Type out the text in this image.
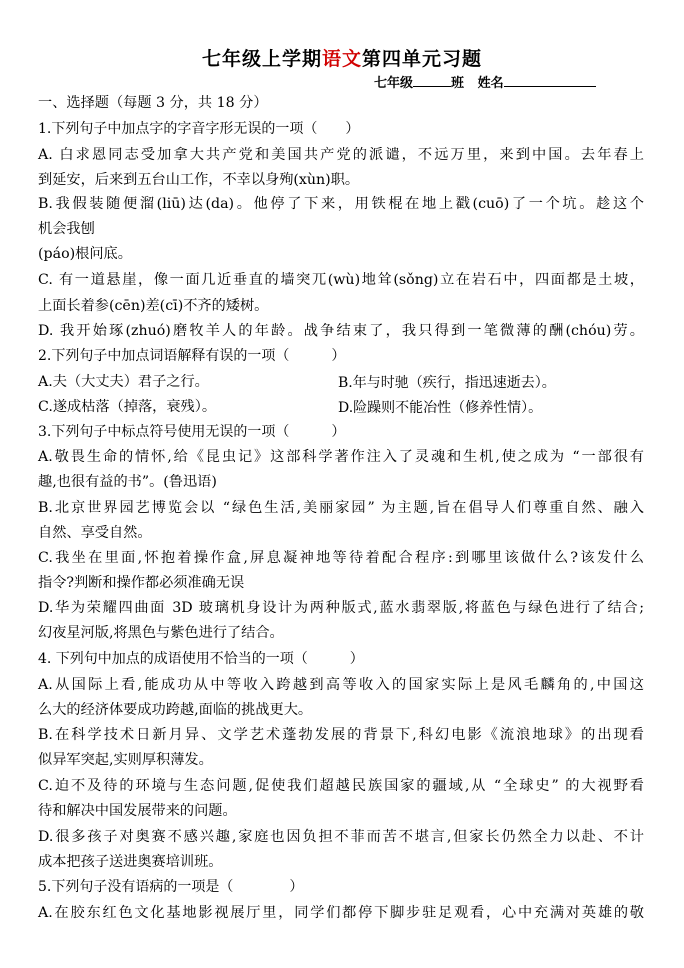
七年级上学期语文第四单元习题
七年级	班 姓名
一、选择题（每题 3 分，共 18 分）
1.下列句子中加点字的字音字形无误的一项（　　）
A. 白求恩同志受加拿大共产党和美国共产党的派谴，不远万里，来到中国。去年春上
到延安，后来到五台山工作，不幸以身殉(xùn)职。
B.我假装随便溜(liū)达(da)。他停了下来，用铁棍在地上戳(cuō)了一个坑。趁这个
机会我刨
(páo)根问底。
C. 有一道悬崖，像一面几近垂直的墙突兀(wù)地耸(sǒng)立在岩石中，四面都是土坡，
上面长着参(cēn)差(cī)不齐的矮树。
D. 我开始琢(zhuó)磨牧羊人的年龄。战争结束了，我只得到一笔微薄的酬(chóu)劳。
2.下列句子中加点词语解释有误的一项（　　　）
A.夫（大丈夫）君子之行。	B.年与时驰（疾行，指迅速逝去）。
C.遂成枯落（掉落，衰残）。	D.险躁则不能冶性（修养性情）。
3.下列句子中标点符号使用无误的一项（　　　）
A.敬畏生命的情怀,给《昆虫记》这部科学著作注入了灵魂和生机,使之成为 “一部很有
趣,也很有益的书”。(鲁迅语)
B.北京世界园艺博览会以 “绿色生活,美丽家园” 为主题,旨在倡导人们尊重自然、融入
自然、享受自然。
C.我坐在里面,怀抱着操作盒,屏息凝神地等待着配合程序:到哪里该做什么?该发什么
指令?判断和操作都必须准确无误
D.华为荣耀四曲面 3D 玻璃机身设计为两种版式,蓝水翡翠版,将蓝色与绿色进行了结合;
幻夜星河版,将黑色与紫色进行了结合。
4. 下列句中加点的成语使用不恰当的一项（　　　）
A.从国际上看,能成功从中等收入跨越到高等收入的国家实际上是风毛麟角的,中国这
么大的经济体要成功跨越,面临的挑战更大。
B.在科学技术日新月异、文学艺术蓬勃发展的背景下,科幻电影《流浪地球》的出现看
似异军突起,实则厚积薄发。
C.迫不及待的环境与生态问题,促使我们超越民族国家的疆域,从 “全球史” 的大视野看
待和解决中国发展带来的问题。
D.很多孩子对奥赛不感兴趣,家庭也因负担不菲而苦不堪言,但家长仍然全力以赴、不计
成本把孩子送进奥赛培训班。
5.下列句子没有语病的一项是（　　　　）
A.在胶东红色文化基地影视展厅里，同学们都停下脚步驻足观看，心中充满对英雄的敬
